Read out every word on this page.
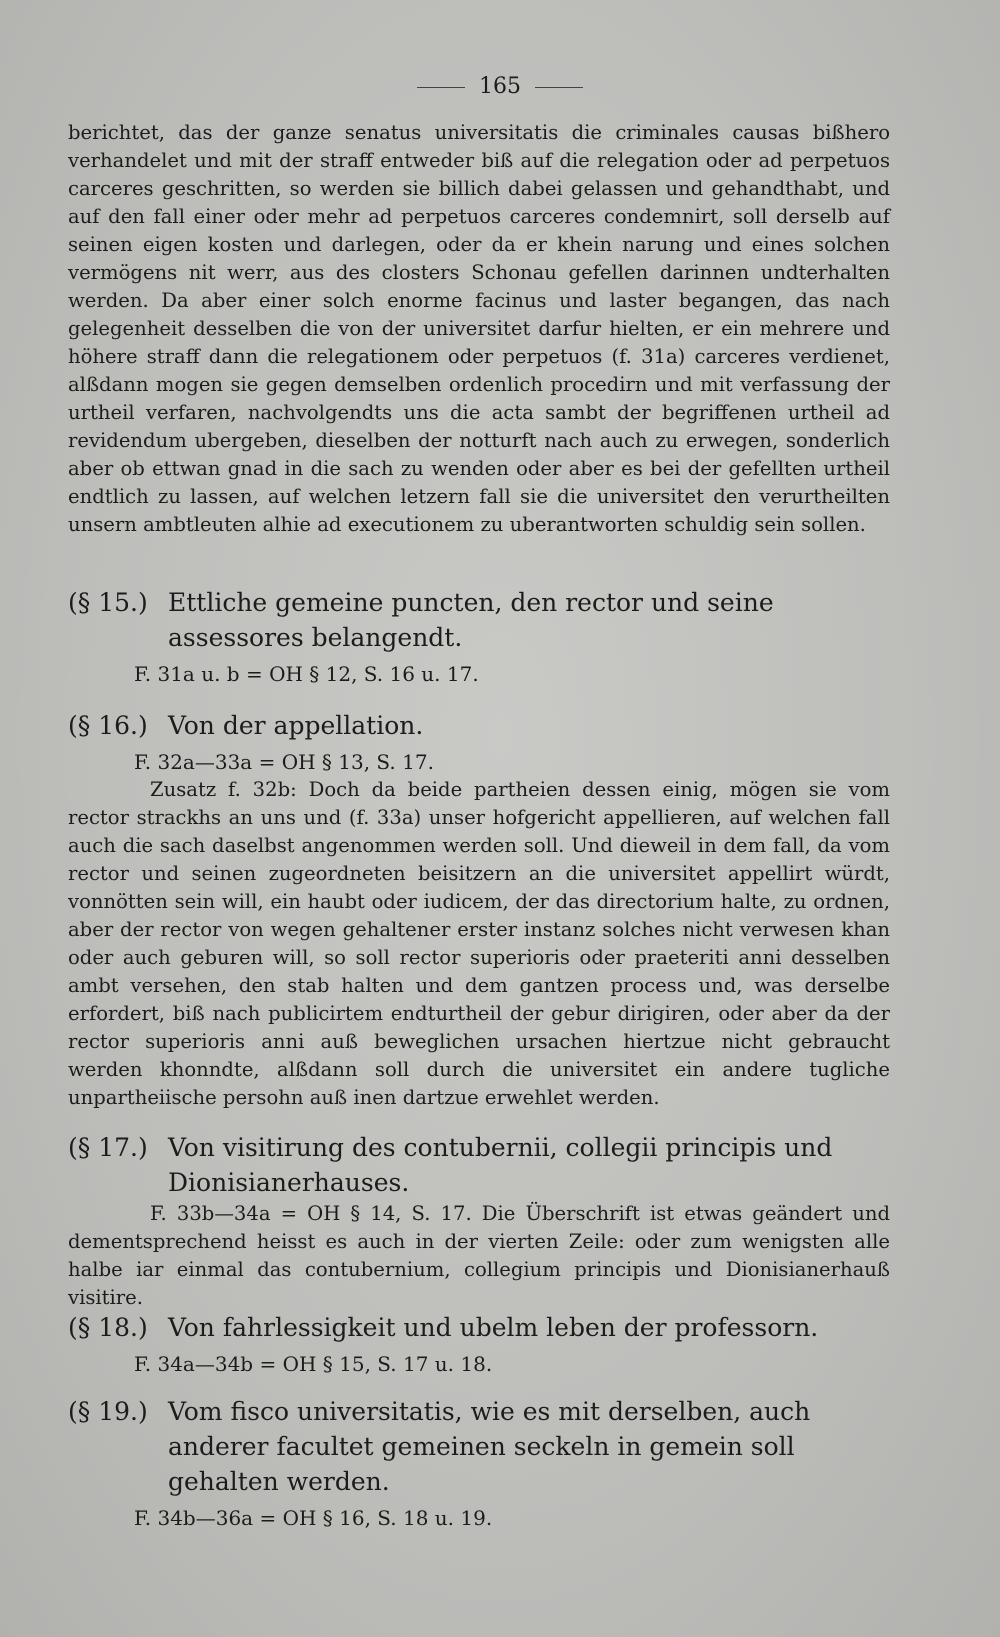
165

berichtet, das der ganze senatus universitatis die criminales causas bißhero verhandelet und mit der straff entweder biß auf die relegation oder ad perpetuos carceres geschritten, so werden sie billich dabei gelassen und gehandthabt, und auf den fall einer oder mehr ad perpetuos carceres condemnirt, soll derselb auf seinen eigen kosten und darlegen, oder da er khein narung und eines solchen vermögens nit werr, aus des closters Schonau gefellen darinnen undterhalten werden. Da aber einer solch enorme facinus und laster begangen, das nach gelegenheit desselben die von der universitet darfur hielten, er ein mehrere und höhere straff dann die relegationem oder perpetuos (f. 31a) carceres verdienet, alßdann mogen sie gegen demselben ordenlich procedirn und mit verfassung der urtheil verfaren, nachvolgendts uns die acta sambt der begriffenen urtheil ad revidendum ubergeben, dieselben der notturft nach auch zu erwegen, sonderlich aber ob ettwan gnad in die sach zu wenden oder aber es bei der gefellten urtheil endtlich zu lassen, auf welchen letzern fall sie die universitet den verurtheilten unsern ambtleuten alhie ad executionem zu uberantworten schuldig sein sollen.

(§ 15.) Ettliche gemeine puncten, den rector und seine assessores belangendt.
F. 31a u. b = OH § 12, S. 16 u. 17.
(§ 16.) Von der appellation.
F. 32a—33a = OH § 13, S. 17.

Zusatz f. 32b: Doch da beide partheien dessen einig, mögen sie vom rector strackhs an uns und (f. 33a) unser hofgericht appellieren, auf welchen fall auch die sach daselbst angenommen werden soll. Und dieweil in dem fall, da vom rector und seinen zugeordneten beisitzern an die universitet appellirt würdt, vonnötten sein will, ein haubt oder iudicem, der das directorium halte, zu ordnen, aber der rector von wegen gehaltener erster instanz solches nicht verwesen khan oder auch geburen will, so soll rector superioris oder praeteriti anni desselben ambt versehen, den stab halten und dem gantzen process und, was derselbe erfordert, biß nach publicirtem endturtheil der gebur dirigiren, oder aber da der rector superioris anni auß beweglichen ursachen hiertzue nicht gebraucht werden khonndte, alßdann soll durch die universitet ein andere tugliche unpartheiische persohn auß inen dartzue erwehlet werden.

(§ 17.) Von visitirung des contubernii, collegii principis und Dionisianerhauses.

F. 33b—34a = OH § 14, S. 17. Die Überschrift ist etwas geändert und dementsprechend heisst es auch in der vierten Zeile: oder zum wenigsten alle halbe iar einmal das contubernium, collegium principis und Dionisianerhauß visitire.

(§ 18.) Von fahrlessigkeit und ubelm leben der professorn.
F. 34a—34b = OH § 15, S. 17 u. 18.
(§ 19.) Vom fisco universitatis, wie es mit derselben, auch anderer facultet gemeinen seckeln in gemein soll gehalten werden.
F. 34b—36a = OH § 16, S. 18 u. 19.
